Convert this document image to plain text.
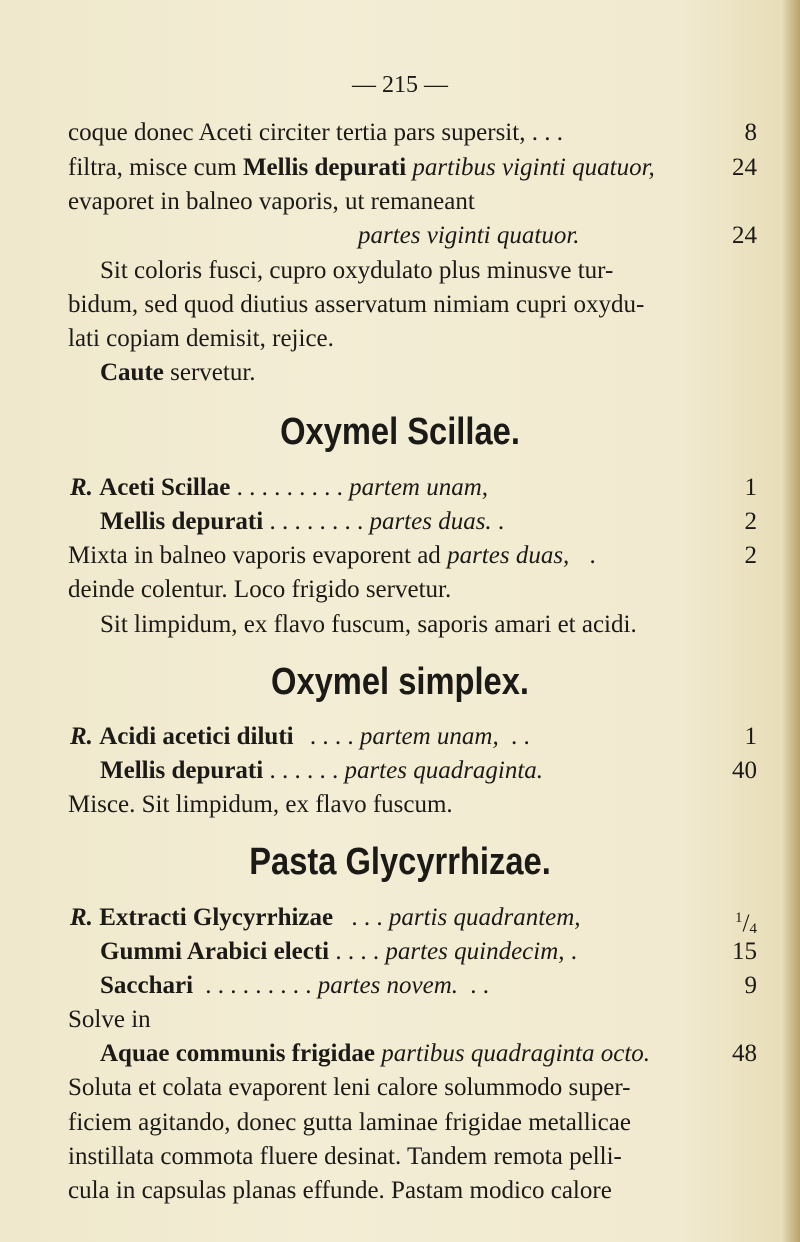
— 215 —
coque donec Aceti circiter tertia pars supersit, . . .	8
filtra, misce cum Mellis depurati partibus viginti quatuor,	24
evaporet in balneo vaporis, ut remaneant
partes viginti quatuor.	24
Sit coloris fusci, cupro oxydulato plus minusve tur-
bidum, sed quod diutius asservatum nimiam cupri oxydu-
lati copiam demisit, rejice.
Caute servetur.
Oxymel Scillae.
R. Aceti Scillae . . . . . . . . . partem unam,	1
Mellis depurati . . . . . . . . partes duas. .	2
Mixta in balneo vaporis evaporent ad partes duas, .	2
deinde colentur. Loco frigido servetur.
Sit limpidum, ex flavo fuscum, saporis amari et acidi.
Oxymel simplex.
R. Acidi acetici diluti . . . . partem unam, . .	1
Mellis depurati . . . . . . partes quadraginta.	40
Misce. Sit limpidum, ex flavo fuscum.
Pasta Glycyrrhizae.
R. Extracti Glycyrrhizae . . . partis quadrantem,	$^1/_4$
Gummi Arabici electi . . . . partes quindecim, .	15
Sacchari . . . . . . . . . partes novem. . .	9
Solve in
Aquae communis frigidae partibus quadraginta octo.	48
Soluta et colata evaporent leni calore solummodo super-
ficiem agitando, donec gutta laminae frigidae metallicae
instillata commota fluere desinat. Tandem remota pelli-
cula in capsulas planas effunde. Pastam modico calore
